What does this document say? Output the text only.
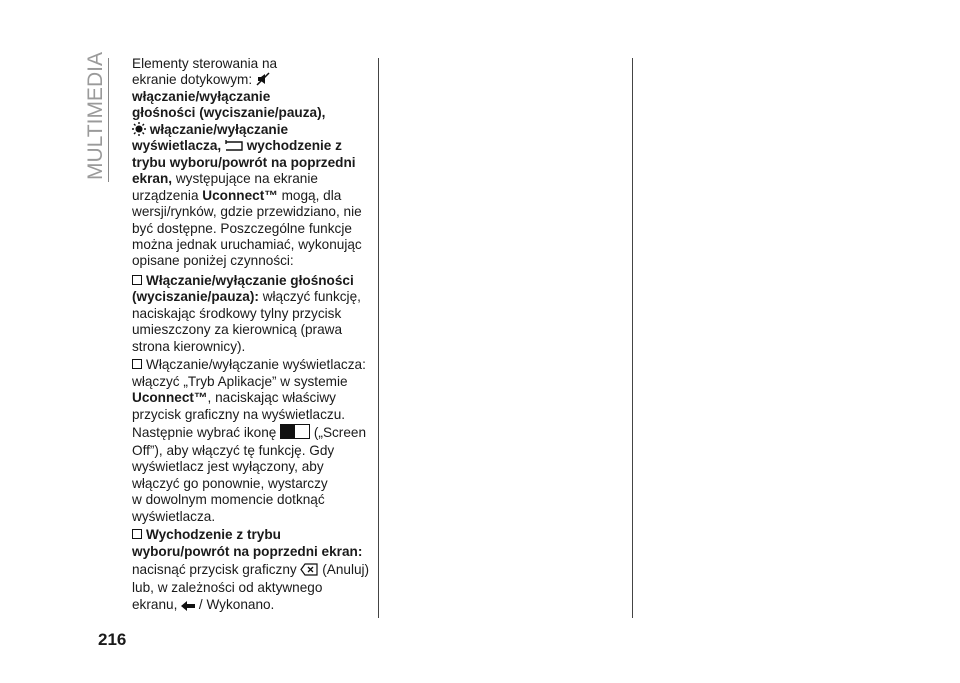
MULTIMEDIA
216

Elementy sterowania na
ekranie dotykowym:
włączanie/wyłączanie
głośności (wyciszanie/pauza),
włączanie/wyłączanie
wyświetlacza,  wychodzenie z
trybu wyboru/powrót na poprzedni
ekran, występujące na ekranie
urządzenia Uconnect™ mogą, dla
wersji/rynków, gdzie przewidziano, nie
być dostępne. Poszczególne funkcje
można jednak uruchamiać, wykonując
opisane poniżej czynności:

Włączanie/wyłączanie głośności
(wyciszanie/pauza): włączyć funkcję,
naciskając środkowy tylny przycisk
umieszczony za kierownicą (prawa
strona kierownicy).

Włączanie/wyłączanie wyświetlacza:
włączyć „Tryb Aplikacje” w systemie
Uconnect™, naciskając właściwy
przycisk graficzny na wyświetlaczu.
Następnie wybrać ikonę  („Screen
Off”), aby włączyć tę funkcję. Gdy
wyświetlacz jest wyłączony, aby
włączyć go ponownie, wystarczy
w dowolnym momencie dotknąć
wyświetlacza.

Wychodzenie z trybu
wyboru/powrót na poprzedni ekran:
nacisnąć przycisk graficzny  (Anuluj)
lub, w zależności od aktywnego
ekranu,  / Wykonano.
